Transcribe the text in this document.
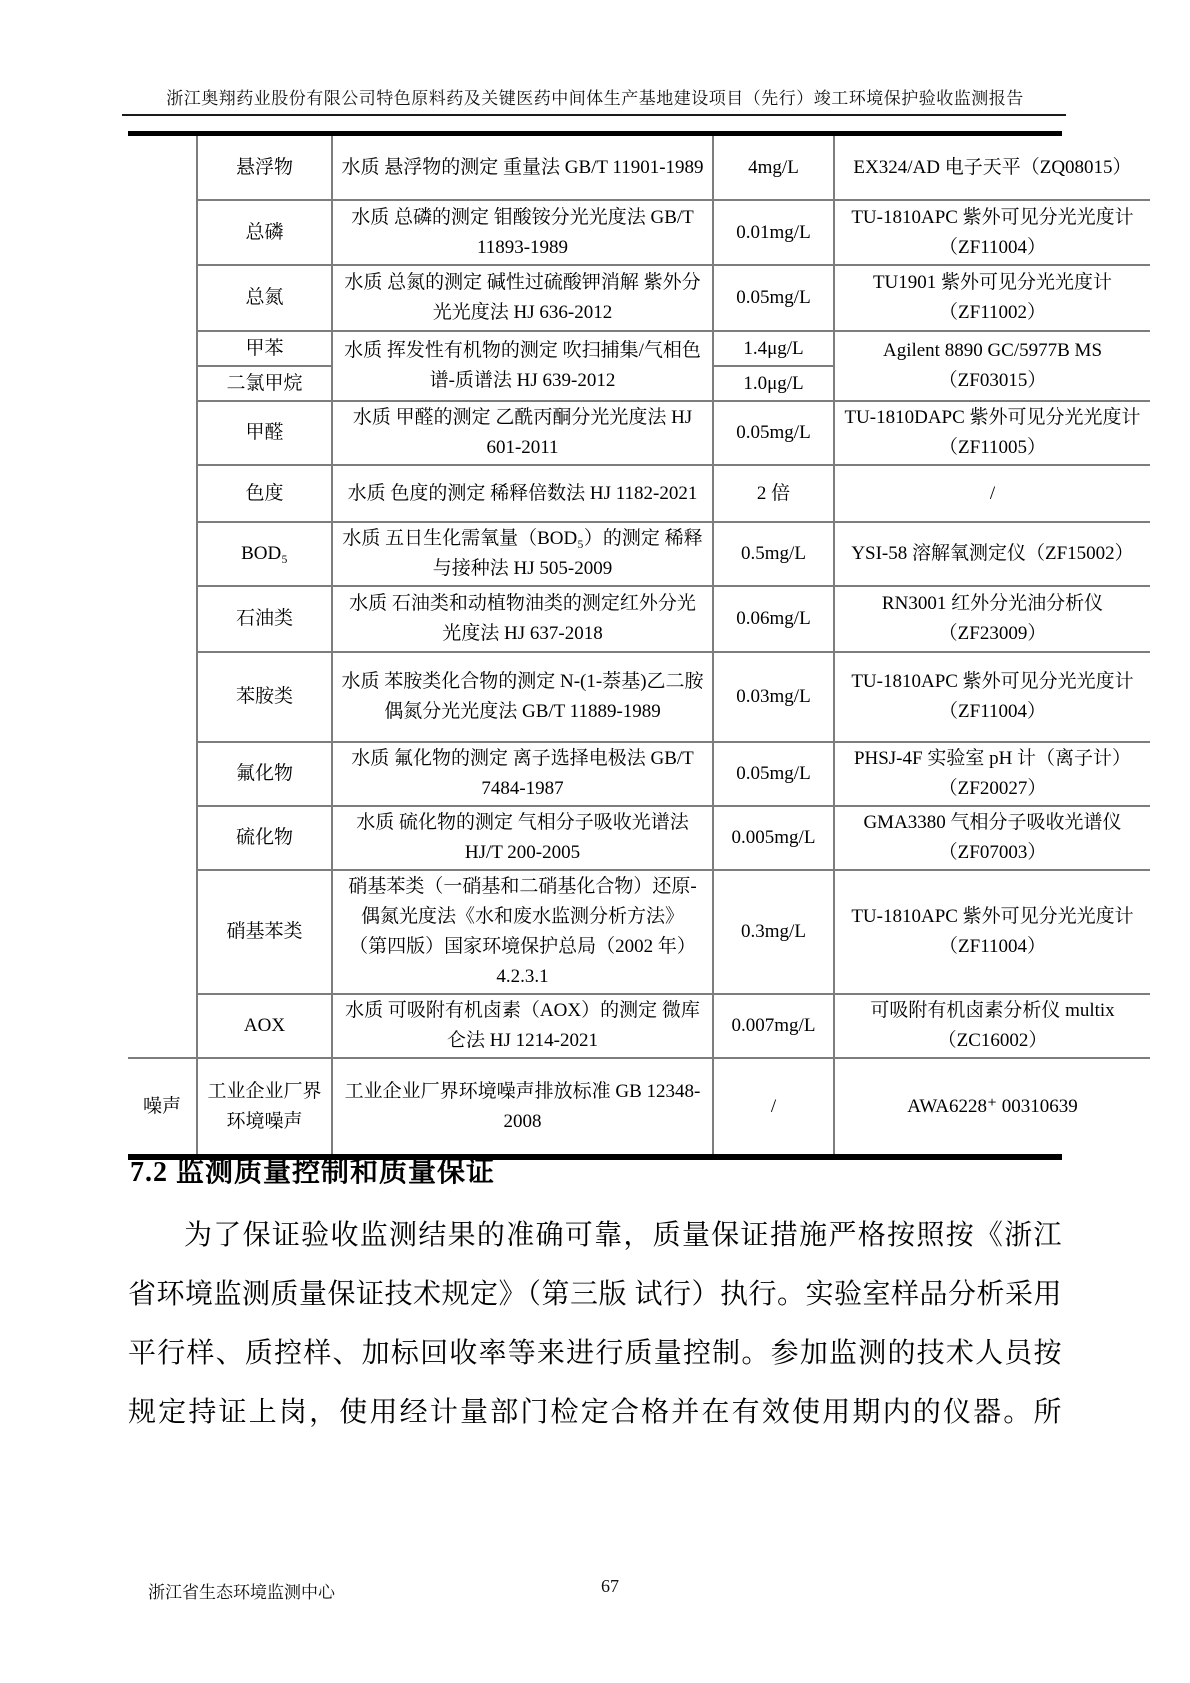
浙江奥翔药业股份有限公司特色原料药及关键医药中间体生产基地建设项目（先行）竣工环境保护验收监测报告
	悬浮物	水质 悬浮物的测定 重量法 GB/T 11901-1989	4mg/L	EX324/AD 电子天平（ZQ08015）
	总磷	水质 总磷的测定 钼酸铵分光光度法 GB/T 11893-1989	0.01mg/L	TU-1810APC 紫外可见分光光度计（ZF11004）
	总氮	水质 总氮的测定 碱性过硫酸钾消解 紫外分光光度法 HJ 636-2012	0.05mg/L	TU1901 紫外可见分光光度计（ZF11002）
	甲苯	水质 挥发性有机物的测定 吹扫捕集/气相色谱-质谱法 HJ 639-2012	1.4μg/L	Agilent 8890 GC/5977B MS（ZF03015）
	二氯甲烷		1.0μg/L	
	甲醛	水质 甲醛的测定 乙酰丙酮分光光度法 HJ 601-2011	0.05mg/L	TU-1810DAPC 紫外可见分光光度计（ZF11005）
	色度	水质 色度的测定 稀释倍数法 HJ 1182-2021	2 倍	/
	BOD₅	水质 五日生化需氧量（BOD₅）的测定 稀释与接种法 HJ 505-2009	0.5mg/L	YSI-58 溶解氧测定仪（ZF15002）
	石油类	水质 石油类和动植物油类的测定红外分光光度法 HJ 637-2018	0.06mg/L	RN3001 红外分光油分析仪（ZF23009）
	苯胺类	水质 苯胺类化合物的测定 N-(1-萘基)乙二胺偶氮分光光度法 GB/T 11889-1989	0.03mg/L	TU-1810APC 紫外可见分光光度计（ZF11004）
	氟化物	水质 氟化物的测定 离子选择电极法 GB/T 7484-1987	0.05mg/L	PHSJ-4F 实验室 pH 计（离子计）（ZF20027）
	硫化物	水质 硫化物的测定 气相分子吸收光谱法 HJ/T 200-2005	0.005mg/L	GMA3380 气相分子吸收光谱仪（ZF07003）
	硝基苯类	硝基苯类（一硝基和二硝基化合物）还原-偶氮光度法《水和废水监测分析方法》 （第四版）国家环境保护总局（2002 年）4.2.3.1	0.3mg/L	TU-1810APC 紫外可见分光光度计（ZF11004）
	AOX	水质 可吸附有机卤素（AOX）的测定 微库仑法 HJ 1214-2021	0.007mg/L	可吸附有机卤素分析仪 multix （ZC16002）
噪声	工业企业厂界环境噪声	工业企业厂界环境噪声排放标准 GB 12348-2008	/	AWA6228⁺ 00310639
7.2 监测质量控制和质量保证
为了保证验收监测结果的准确可靠，质量保证措施严格按照按《浙江省环境监测质量保证技术规定》（第三版 试行）执行。实验室样品分析采用平行样、质控样、加标回收率等来进行质量控制。参加监测的技术人员按规定持证上岗，使用经计量部门检定合格并在有效使用期内的仪器。所
浙江省生态环境监测中心	67
